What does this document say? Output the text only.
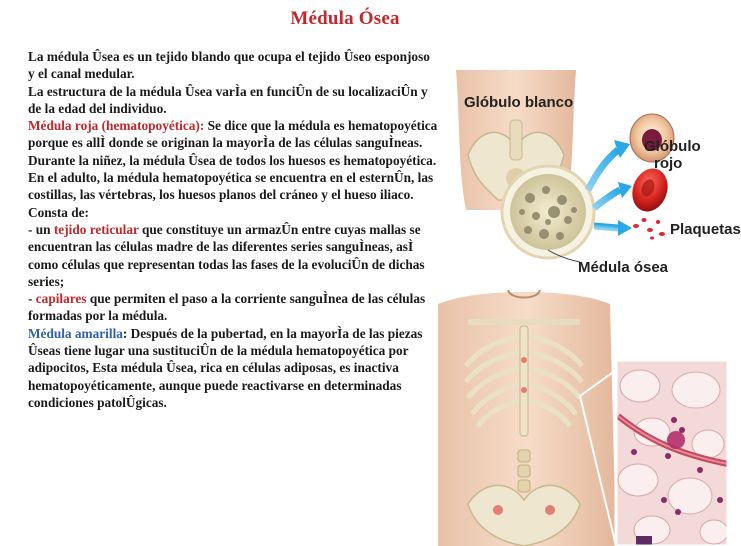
Médula Ósea

La médula Ûsea es un tejido blando que ocupa el tejido Ûseo esponjoso y el canal medular.

La estructura de la médula Ûsea varÌa en funciÛn de su localizaciÛn y de la edad del individuo.

Médula roja (hematopoyética): Se dice que la médula es hematopoyética porque es allÌ donde se originan la mayorÌa de las células sanguÌneas.

Durante la niñez, la médula Ûsea de todos los huesos es hematopoyética. En el adulto, la médula hematopoyética se encuentra en el esternÛn, las costillas, las vértebras, los huesos planos del cráneo y el hueso iliaco.

Consta de:

- un tejido reticular que constituye un armazÛn entre cuyas mallas se encuentran las células madre de las diferentes series sanguÌneas, asÌ como células que representan todas las fases de la evoluciÛn de dichas series;

- capilares que permiten el paso a la corriente sanguÌnea de las células formadas por la médula.

Médula amarilla: Después de la pubertad, en la mayorÌa de las piezas Ûseas tiene lugar una sustituciÛn de la médula hematopoyética por adipocitos, Esta médula Ûsea, rica en células adiposas, es inactiva hematopoyéticamente, aunque puede reactivarse en determinadas condiciones patolÛgicas.

Glóbulo blanco
Glóbulo
rojo
Plaquetas
Médula ósea
